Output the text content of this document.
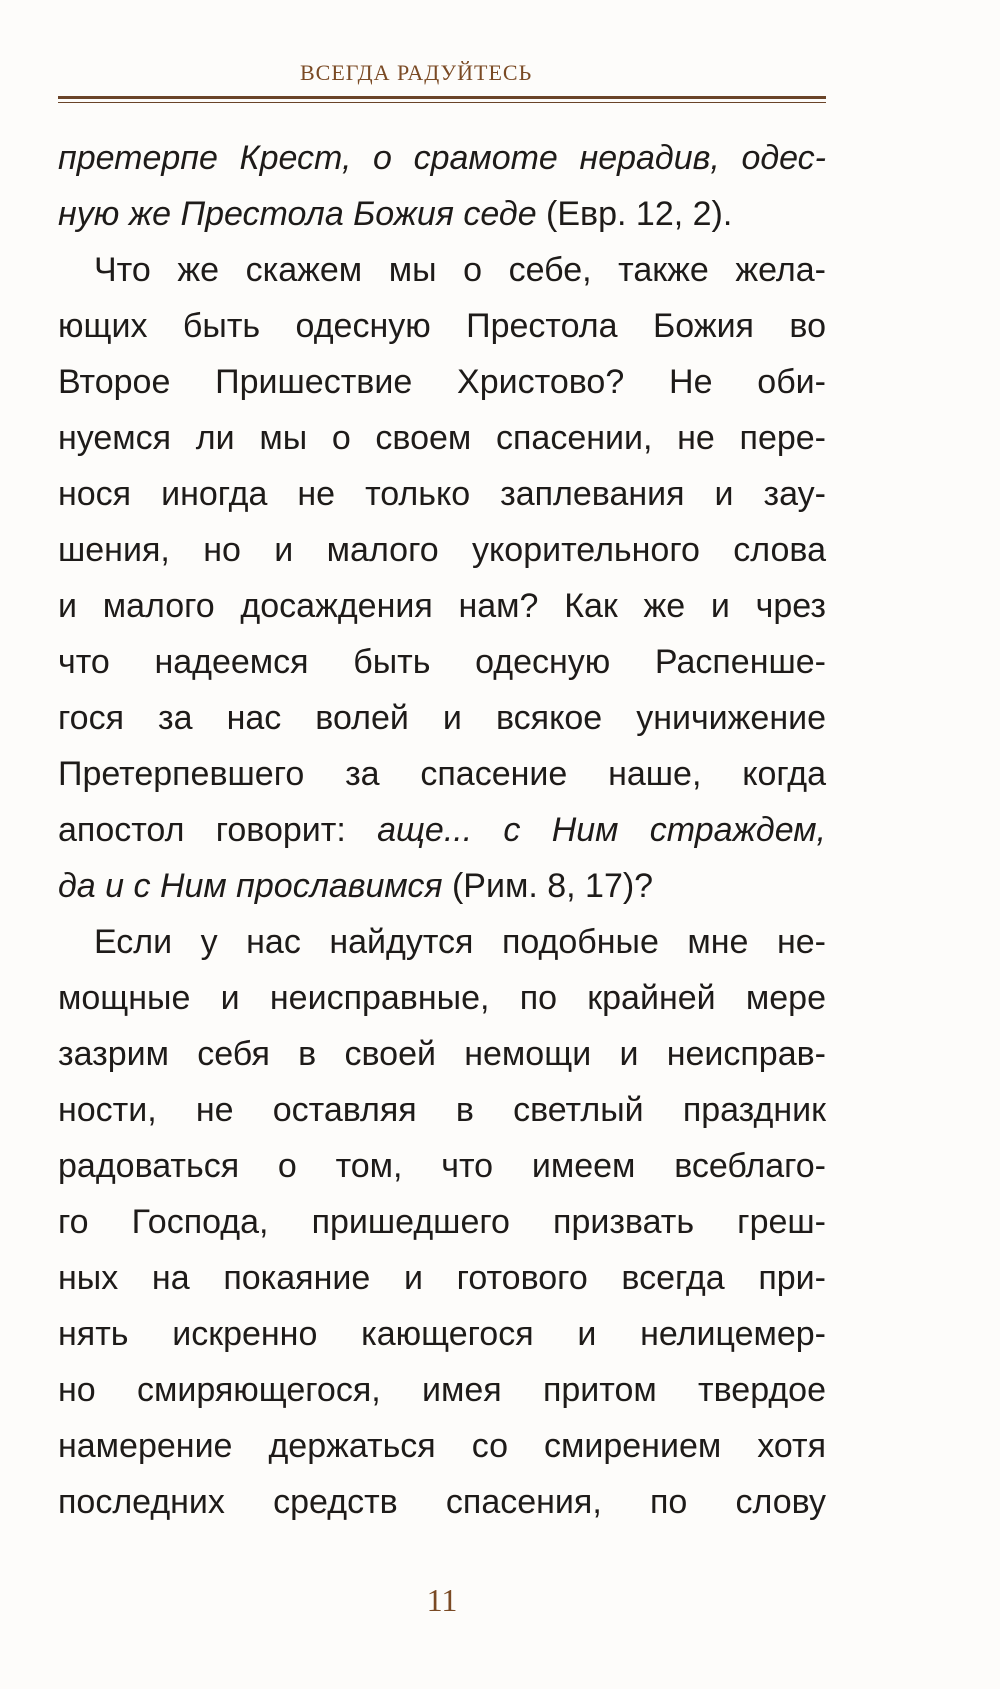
ВСЕГДА РАДУЙТЕСЬ
претерпе Крест, о срамоте нерадив, одес-
ную же Престола Божия седе (Евр. 12, 2).
Что же скажем мы о себе, также жела-
ющих быть одесную Престола Божия во
Второе Пришествие Христово? Не оби-
нуемся ли мы о своем спасении, не пере-
нося иногда не только заплевания и зау-
шения, но и малого укорительного слова
и малого досаждения нам? Как же и чрез
что надеемся быть одесную Распенше-
гося за нас волей и всякое уничижение
Претерпевшего за спасение наше, когда
апостол говорит: аще... с Ним страждем,
да и с Ним прославимся (Рим. 8, 17)?
Если у нас найдутся подобные мне не-
мощные и неисправные, по крайней мере
зазрим себя в своей немощи и неисправ-
ности, не оставляя в светлый праздник
радоваться о том, что имеем всеблаго-
го Господа, пришедшего призвать греш-
ных на покаяние и готового всегда при-
нять искренно кающегося и нелицемер-
но смиряющегося, имея притом твердое
намерение держаться со смирением хотя
последних средств спасения, по слову
11
